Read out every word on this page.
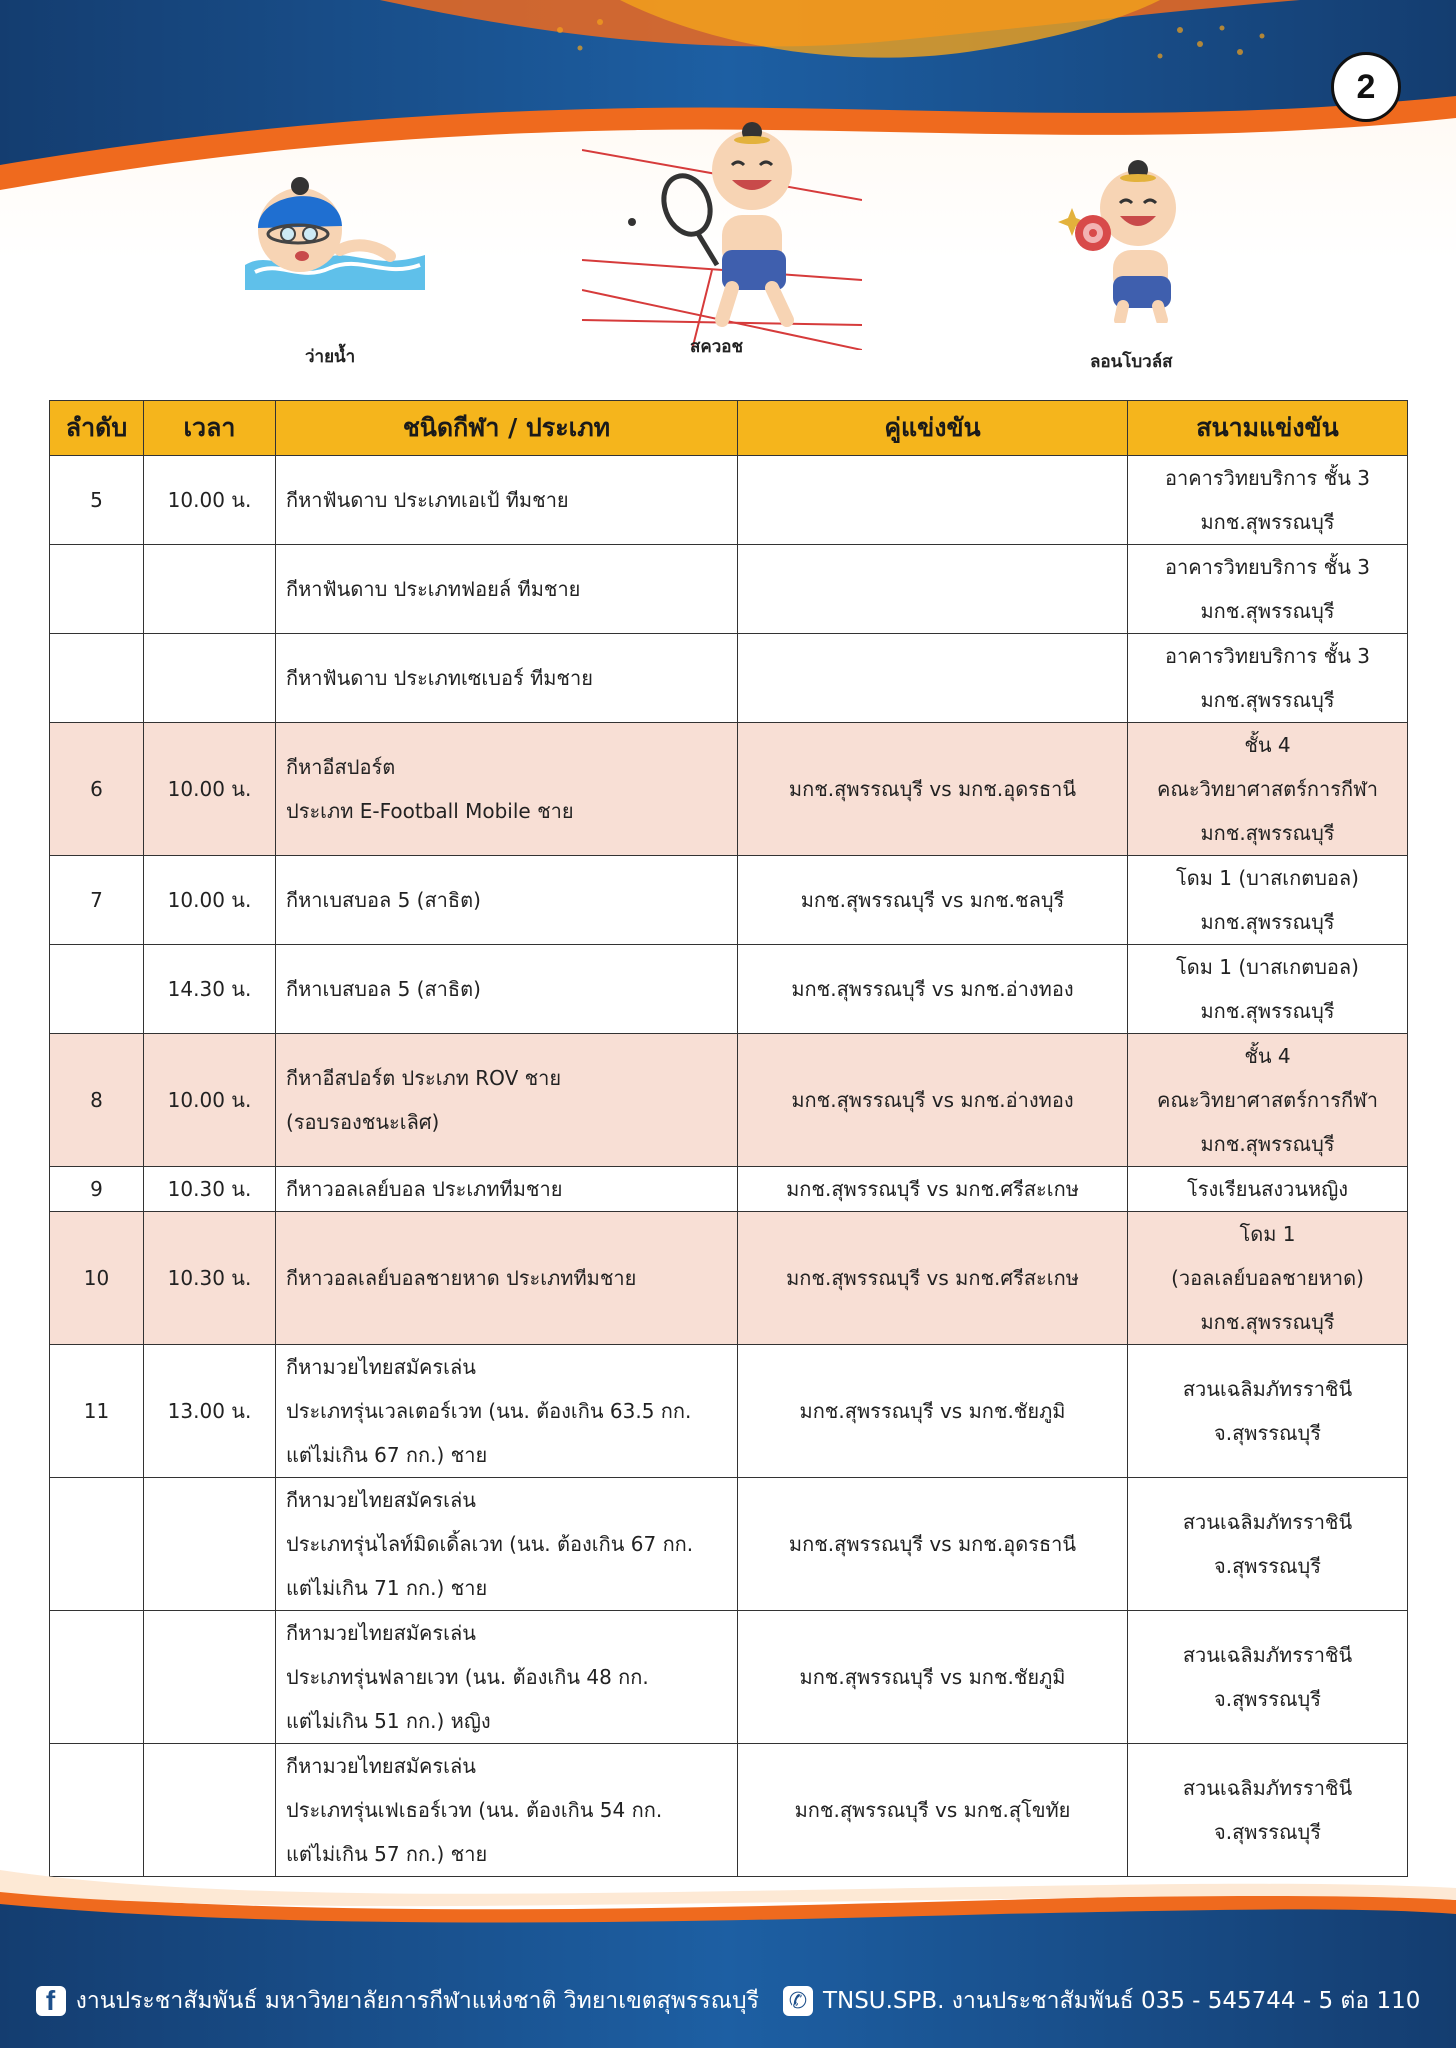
2
ว่ายน้ำ	สควอช
ลอนโบวล์ส
ลำดับ	เวลา	ชนิดกีฬา / ประเภท	คู่แข่งขัน	สนามแข่งขัน
5	10.00 น.	กีหาฟันดาบ ประเภทเอเป้ ทีมชาย		อาคารวิทยบริการ ชั้น 3
มกช.สุพรรณบุรี

		กีหาฟันดาบ ประเภทฟอยล์ ทีมชาย		อาคารวิทยบริการ ชั้น 3
มกช.สุพรรณบุรี

		กีหาฟันดาบ ประเภทเซเบอร์ ทีมชาย		อาคารวิทยบริการ ชั้น 3
มกช.สุพรรณบุรี

6	10.00 น.	กีหาอีสปอร์ต
ประเภท E-Football Mobile ชาย	มกช.สุพรรณบุรี vs มกช.อุดรธานี	ชั้น 4
คณะวิทยาศาสตร์การกีฬา
มกช.สุพรรณบุรี

7	10.00 น.	กีหาเบสบอล 5 (สาธิต)	มกช.สุพรรณบุรี vs มกช.ชลบุรี	โดม 1 (บาสเกตบอล)
มกช.สุพรรณบุรี

	14.30 น.	กีหาเบสบอล 5 (สาธิต)	มกช.สุพรรณบุรี vs มกช.อ่างทอง	โดม 1 (บาสเกตบอล)
มกช.สุพรรณบุรี

8	10.00 น.	กีหาอีสปอร์ต ประเภท ROV ชาย
(รอบรองชนะเลิศ)	มกช.สุพรรณบุรี vs มกช.อ่างทอง	ชั้น 4
คณะวิทยาศาสตร์การกีฬา
มกช.สุพรรณบุรี

9	10.30 น.	กีหาวอลเลย์บอล ประเภททีมชาย	มกช.สุพรรณบุรี vs มกช.ศรีสะเกษ	โรงเรียนสงวนหญิง

10	10.30 น.	กีหาวอลเลย์บอลชายหาด ประเภททีมชาย	มกช.สุพรรณบุรี vs มกช.ศรีสะเกษ	โดม 1
(วอลเลย์บอลชายหาด)
มกช.สุพรรณบุรี

11	13.00 น.	กีหามวยไทยสมัครเล่น
ประเภทรุ่นเวลเตอร์เวท (นน. ต้องเกิน 63.5 กก.
แต่ไม่เกิน 67 กก.) ชาย	มกช.สุพรรณบุรี vs มกช.ชัยภูมิ	สวนเฉลิมภัทรราชินี
จ.สุพรรณบุรี

		กีหามวยไทยสมัครเล่น
ประเภทรุ่นไลท์มิดเดิ้ลเวท (นน. ต้องเกิน 67 กก.
แต่ไม่เกิน 71 กก.) ชาย	มกช.สุพรรณบุรี vs มกช.อุดรธานี	สวนเฉลิมภัทรราชินี
จ.สุพรรณบุรี

		กีหามวยไทยสมัครเล่น
ประเภทรุ่นฟลายเวท (นน. ต้องเกิน 48 กก.
แต่ไม่เกิน 51 กก.) หญิง	มกช.สุพรรณบุรี vs มกช.ชัยภูมิ	สวนเฉลิมภัทรราชินี
จ.สุพรรณบุรี

		กีหามวยไทยสมัครเล่น
ประเภทรุ่นเฟเธอร์เวท (นน. ต้องเกิน 54 กก.
แต่ไม่เกิน 57 กก.) ชาย	มกช.สุพรรณบุรี vs มกช.สุโขทัย	สวนเฉลิมภัทรราชินี
จ.สุพรรณบุรี
f งานประชาสัมพันธ์ มหาวิทยาลัยการกีฬาแห่งชาติ วิทยาเขตสุพรรณบุรี ✆ TNSU.SPB. งานประชาสัมพันธ์ 035 - 545744 - 5 ต่อ 110
